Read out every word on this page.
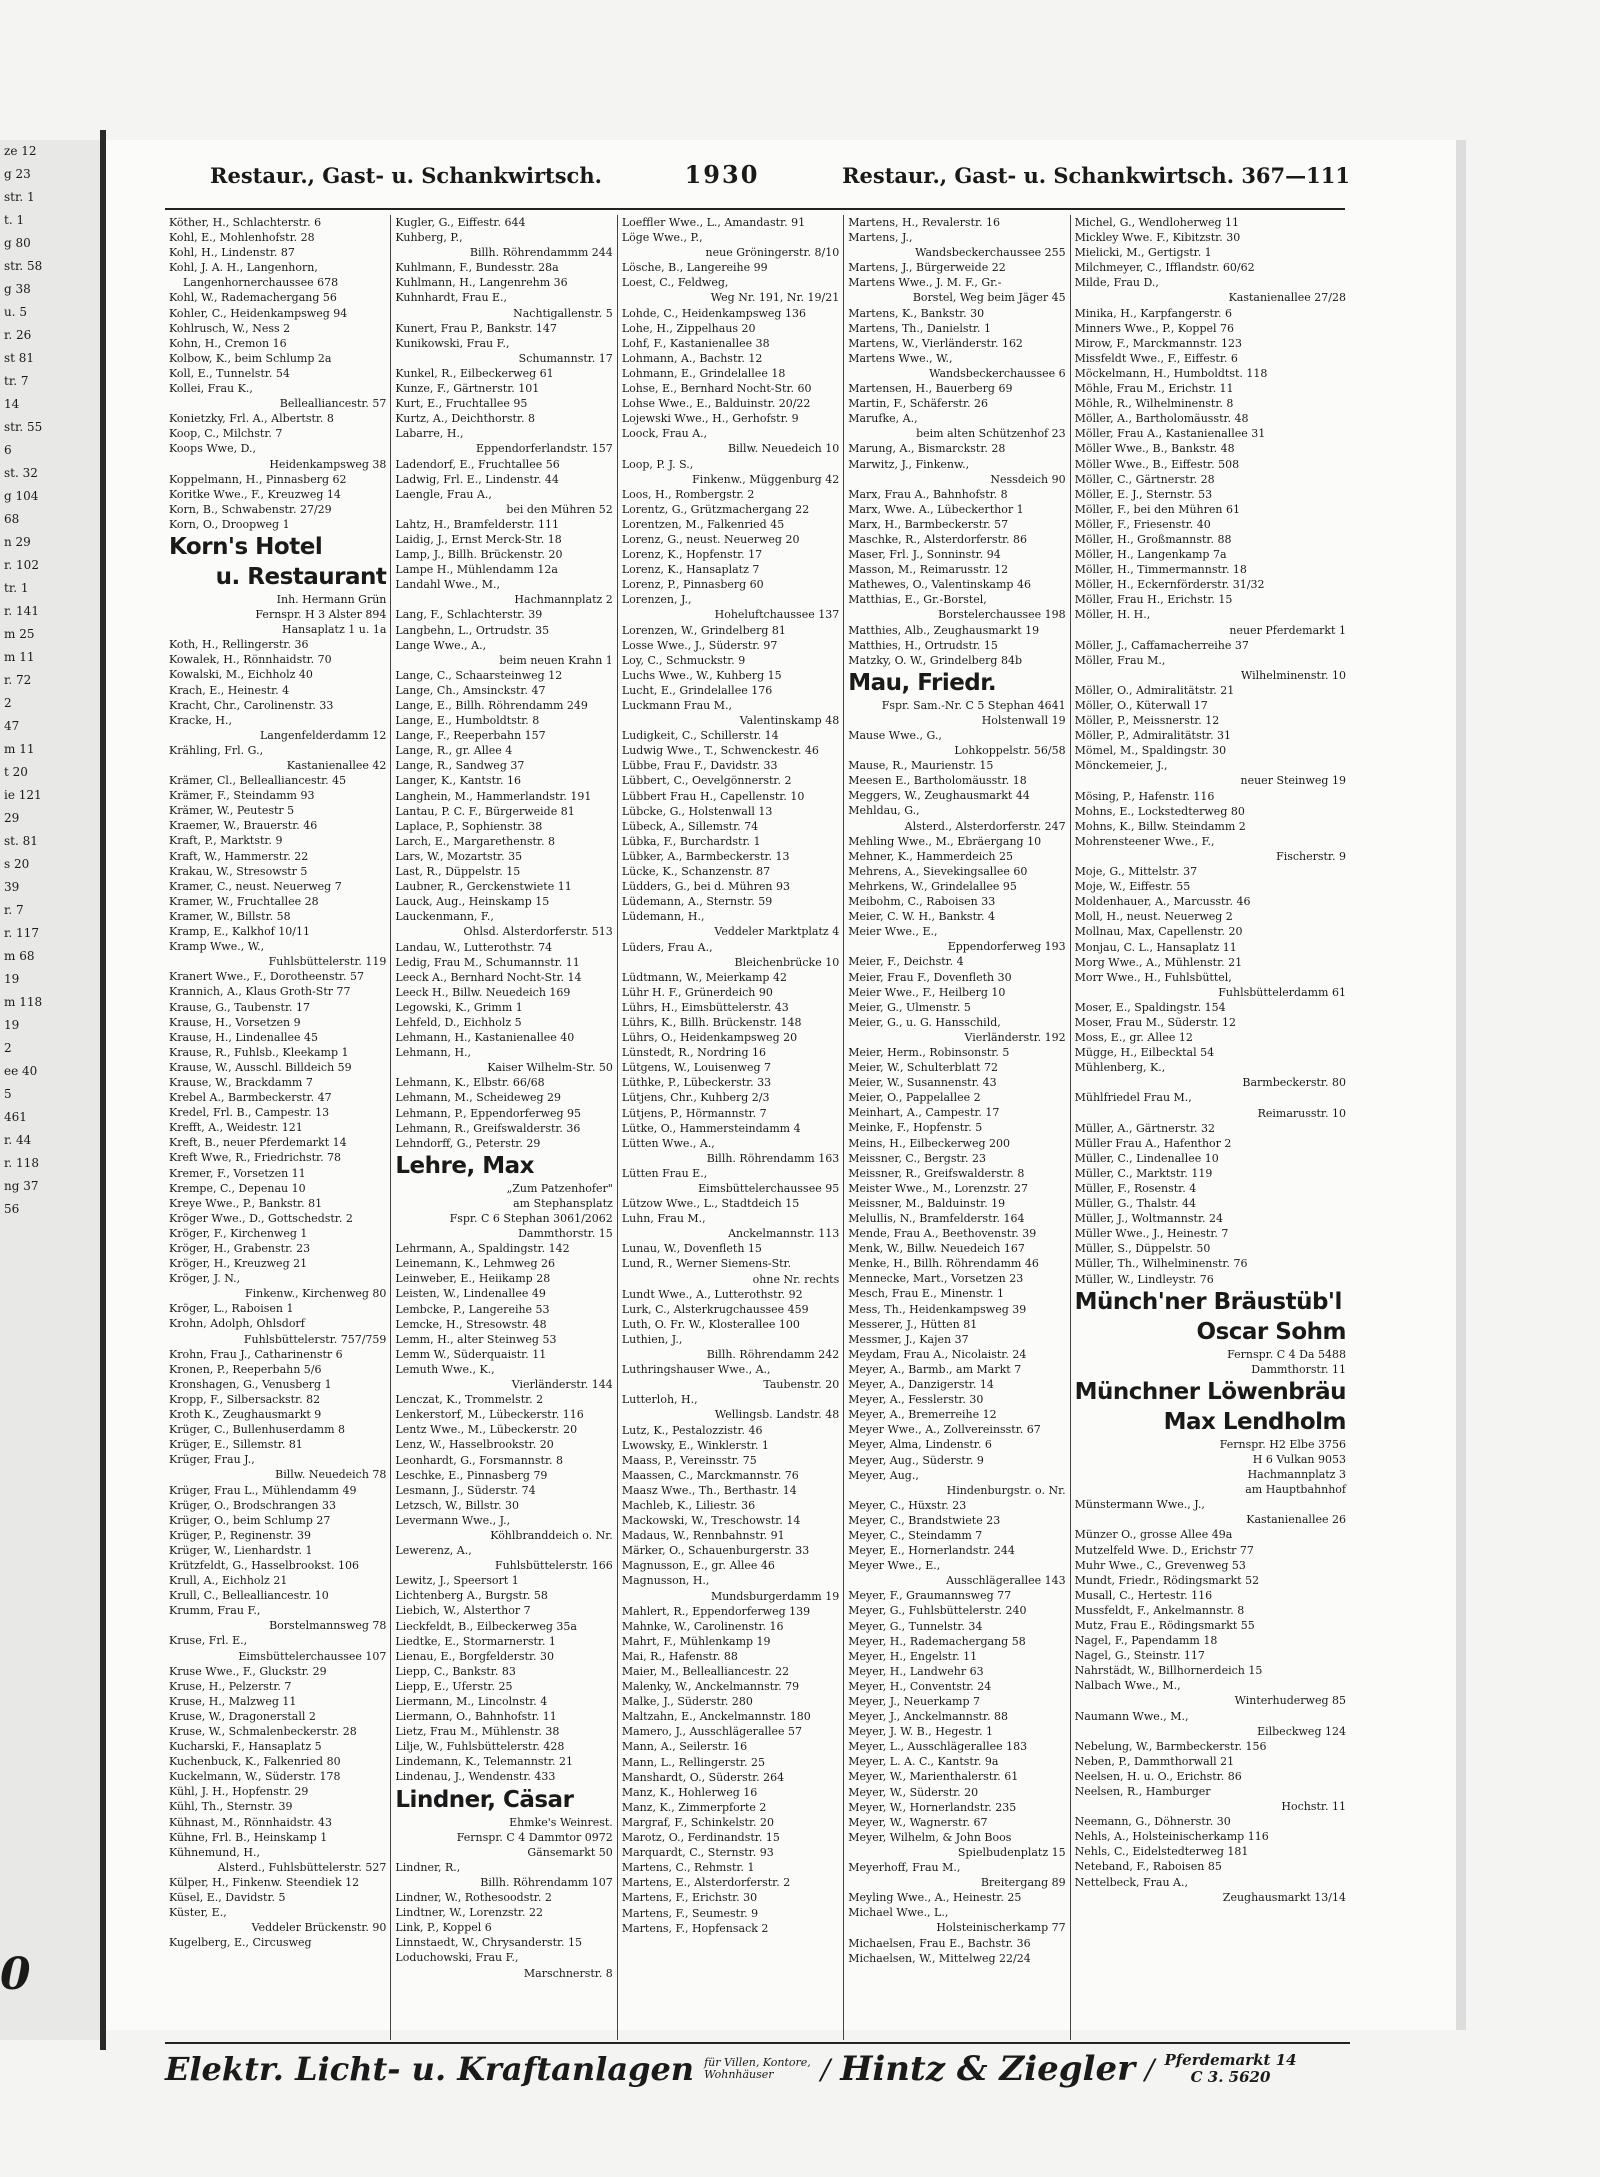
ze 12
g 23
str. 1
t. 1
g 80
str. 58
g 38
u. 5
r. 26
st 81
tr. 7
14
str. 55
6
st. 32
g 104
68
n 29
r. 102
tr. 1
r. 141
m 25
m 11
r. 72
2
47
m 11
t 20
ie 121
29
st. 81
s 20
39
r. 7
r. 117
m 68
19
m 118
19
2
ee 40
5
461
r. 44
r. 118
ng 37
56
0
Restaur., Gast- u. Schankwirtsch.	1930	Restaur., Gast- u. Schankwirtsch. 367—111
Köther, H., Schlachterstr. 6
Kohl, E., Mohlenhofstr. 28
Kohl, H., Lindenstr. 87
Kohl, J. A. H., Langenhorn,
Langenhornerchaussee 678
Kohl, W., Rademachergang 56
Kohler, C., Heidenkampsweg 94
Kohlrusch, W., Ness 2
Kohn, H., Cremon 16
Kolbow, K., beim Schlump 2a
Koll, E., Tunnelstr. 54
Kollei, Frau K.,
Bellealliancestr. 57
Konietzky, Frl. A., Albertstr. 8
Koop, C., Milchstr. 7
Koops Wwe, D.,
Heidenkampsweg 38
Koppelmann, H., Pinnasberg 62
Koritke Wwe., F., Kreuzweg 14
Korn, B., Schwabenstr. 27/29
Korn, O., Droopweg 1
Korn's Hotel
u. Restaurant
Inh. Hermann Grün
Fernspr. H 3 Alster 894
Hansaplatz 1 u. 1a
Koth, H., Rellingerstr. 36
Kowalek, H., Rönnhaidstr. 70
Kowalski, M., Eichholz 40
Krach, E., Heinestr. 4
Kracht, Chr., Carolinenstr. 33
Kracke, H.,
Langenfelderdamm 12
Krähling, Frl. G.,
Kastanienallee 42
Krämer, Cl., Bellealliancestr. 45
Krämer, F., Steindamm 93
Krämer, W., Peutestr 5
Kraemer, W., Brauerstr. 46
Kraft, P., Marktstr. 9
Kraft, W., Hammerstr. 22
Krakau, W., Stresowstr 5
Kramer, C., neust. Neuerweg 7
Kramer, W., Fruchtallee 28
Kramer, W., Billstr. 58
Kramp, E., Kalkhof 10/11
Kramp Wwe., W.,
Fuhlsbüttelerstr. 119
Kranert Wwe., F., Dorotheenstr. 57
Krannich, A., Klaus Groth-Str 77
Krause, G., Taubenstr. 17
Krause, H., Vorsetzen 9
Krause, H., Lindenallee 45
Krause, R., Fuhlsb., Kleekamp 1
Krause, W., Ausschl. Billdeich 59
Krause, W., Brackdamm 7
Krebel A., Barmbeckerstr. 47
Kredel, Frl. B., Campestr. 13
Krefft, A., Weidestr. 121
Kreft, B., neuer Pferdemarkt 14
Kreft Wwe, R., Friedrichstr. 78
Kremer, F., Vorsetzen 11
Krempe, C., Depenau 10
Kreye Wwe., P., Bankstr. 81
Kröger Wwe., D., Gottschedstr. 2
Kröger, F., Kirchenweg 1
Kröger, H., Grabenstr. 23
Kröger, H., Kreuzweg 21
Kröger, J. N.,
Finkenw., Kirchenweg 80
Kröger, L., Raboisen 1
Krohn, Adolph, Ohlsdorf
Fuhlsbüttelerstr. 757/759
Krohn, Frau J., Catharinenstr 6
Kronen, P., Reeperbahn 5/6
Kronshagen, G., Venusberg 1
Kropp, F., Silbersackstr. 82
Kroth K., Zeughausmarkt 9
Krüger, C., Bullenhuserdamm 8
Krüger, E., Sillemstr. 81
Krüger, Frau J.,
Billw. Neuedeich 78
Krüger, Frau L., Mühlendamm 49
Krüger, O., Brodschrangen 33
Krüger, O., beim Schlump 27
Krüger, P., Reginenstr. 39
Krüger, W., Lienhardstr. 1
Krützfeldt, G., Hasselbrookst. 106
Krull, A., Eichholz 21
Krull, C., Bellealliancestr. 10
Krumm, Frau F.,
Borstelmannsweg 78
Kruse, Frl. E.,
Eimsbüttelerchaussee 107
Kruse Wwe., F., Gluckstr. 29
Kruse, H., Pelzerstr. 7
Kruse, H., Malzweg 11
Kruse, W., Dragonerstall 2
Kruse, W., Schmalenbeckerstr. 28
Kucharski, F., Hansaplatz 5
Kuchenbuck, K., Falkenried 80
Kuckelmann, W., Süderstr. 178
Kühl, J. H., Hopfenstr. 29
Kühl, Th., Sternstr. 39
Kühnast, M., Rönnhaidstr. 43
Kühne, Frl. B., Heinskamp 1
Kühnemund, H.,
Alsterd., Fuhlsbüttelerstr. 527
Külper, H., Finkenw. Steendiek 12
Küsel, E., Davidstr. 5
Küster, E.,
Veddeler Brückenstr. 90
Kugelberg, E., Circusweg
Kugler, G., Eiffestr. 644
Kuhberg, P.,
Billh. Röhrendammm 244
Kuhlmann, F., Bundesstr. 28a
Kuhlmann, H., Langenrehm 36
Kuhnhardt, Frau E.,
Nachtigallenstr. 5
Kunert, Frau P., Bankstr. 147
Kunikowski, Frau F.,
Schumannstr. 17
Kunkel, R., Eilbeckerweg 61
Kunze, F., Gärtnerstr. 101
Kurt, E., Fruchtallee 95
Kurtz, A., Deichthorstr. 8
Labarre, H.,
Eppendorferlandstr. 157
Ladendorf, E., Fruchtallee 56
Ladwig, Frl. E., Lindenstr. 44
Laengle, Frau A.,
bei den Mühren 52
Lahtz, H., Bramfelderstr. 111
Laidig, J., Ernst Merck-Str. 18
Lamp, J., Billh. Brückenstr. 20
Lampe H., Mühlendamm 12a
Landahl Wwe., M.,
Hachmannplatz 2
Lang, F., Schlachterstr. 39
Langbehn, L., Ortrudstr. 35
Lange Wwe., A.,
beim neuen Krahn 1
Lange, C., Schaarsteinweg 12
Lange, Ch., Amsinckstr. 47
Lange, E., Billh. Röhrendamm 249
Lange, E., Humboldtstr. 8
Lange, F., Reeperbahn 157
Lange, R., gr. Allee 4
Lange, R., Sandweg 37
Langer, K., Kantstr. 16
Langhein, M., Hammerlandstr. 191
Lantau, P. C. F., Bürgerweide 81
Laplace, P., Sophienstr. 38
Larch, E., Margarethenstr. 8
Lars, W., Mozartstr. 35
Last, R., Düppelstr. 15
Laubner, R., Gerckenstwiete 11
Lauck, Aug., Heinskamp 15
Lauckenmann, F.,
Ohlsd. Alsterdorferstr. 513
Landau, W., Lutterothstr. 74
Ledig, Frau M., Schumannstr. 11
Leeck A., Bernhard Nocht-Str. 14
Leeck H., Billw. Neuedeich 169
Legowski, K., Grimm 1
Lehfeld, D., Eichholz 5
Lehmann, H., Kastanienallee 40
Lehmann, H.,
Kaiser Wilhelm-Str. 50
Lehmann, K., Elbstr. 66/68
Lehmann, M., Scheideweg 29
Lehmann, P., Eppendorferweg 95
Lehmann, R., Greifswalderstr. 36
Lehndorff, G., Peterstr. 29
Lehre, Max
„Zum Patzenhofer"
am Stephansplatz
Fspr. C 6 Stephan 3061/2062
Dammthorstr. 15
Lehrmann, A., Spaldingstr. 142
Leinemann, K., Lehmweg 26
Leinweber, E., Heiikamp 28
Leisten, W., Lindenallee 49
Lembcke, P., Langereihe 53
Lemcke, H., Stresowstr. 48
Lemm, H., alter Steinweg 53
Lemm W., Süderquaistr. 11
Lemuth Wwe., K.,
Vierländerstr. 144
Lenczat, K., Trommelstr. 2
Lenkerstorf, M., Lübeckerstr. 116
Lentz Wwe., M., Lübeckerstr. 20
Lenz, W., Hasselbrookstr. 20
Leonhardt, G., Forsmannstr. 8
Leschke, E., Pinnasberg 79
Lesmann, J., Süderstr. 74
Letzsch, W., Billstr. 30
Levermann Wwe., J.,
Köhlbranddeich o. Nr.
Lewerenz, A.,
Fuhlsbüttelerstr. 166
Lewitz, J., Speersort 1
Lichtenberg A., Burgstr. 58
Liebich, W., Alsterthor 7
Lieckfeldt, B., Eilbeckerweg 35a
Liedtke, E., Stormarnerstr. 1
Lienau, E., Borgfelderstr. 30
Liepp, C., Bankstr. 83
Liepp, E., Uferstr. 25
Liermann, M., Lincolnstr. 4
Liermann, O., Bahnhofstr. 11
Lietz, Frau M., Mühlenstr. 38
Lilje, W., Fuhlsbüttelerstr. 428
Lindemann, K., Telemannstr. 21
Lindenau, J., Wendenstr. 433
Lindner, Cäsar
Ehmke's Weinrest.
Fernspr. C 4 Dammtor 0972
Gänsemarkt 50
Lindner, R.,
Billh. Röhrendamm 107
Lindner, W., Rothesoodstr. 2
Lindtner, W., Lorenzstr. 22
Link, P., Koppel 6
Linnstaedt, W., Chrysanderstr. 15
Loduchowski, Frau F.,
Marschnerstr. 8
Loeffler Wwe., L., Amandastr. 91
Löge Wwe., P.,
neue Gröningerstr. 8/10
Lösche, B., Langereihe 99
Loest, C., Feldweg,
Weg Nr. 191, Nr. 19/21
Lohde, C., Heidenkampsweg 136
Lohe, H., Zippelhaus 20
Lohf, F., Kastanienallee 38
Lohmann, A., Bachstr. 12
Lohmann, E., Grindelallee 18
Lohse, E., Bernhard Nocht-Str. 60
Lohse Wwe., E., Balduinstr. 20/22
Lojewski Wwe., H., Gerhofstr. 9
Loock, Frau A.,
Billw. Neuedeich 10
Loop, P. J. S.,
Finkenw., Müggenburg 42
Loos, H., Rombergstr. 2
Lorentz, G., Grützmachergang 22
Lorentzen, M., Falkenried 45
Lorenz, G., neust. Neuerweg 20
Lorenz, K., Hopfenstr. 17
Lorenz, K., Hansaplatz 7
Lorenz, P., Pinnasberg 60
Lorenzen, J.,
Hoheluftchaussee 137
Lorenzen, W., Grindelberg 81
Losse Wwe., J., Süderstr. 97
Loy, C., Schmuckstr. 9
Luchs Wwe., W., Kuhberg 15
Lucht, E., Grindelallee 176
Luckmann Frau M.,
Valentinskamp 48
Ludigkeit, C., Schillerstr. 14
Ludwig Wwe., T., Schwenckestr. 46
Lübbe, Frau F., Davidstr. 33
Lübbert, C., Oevelgönnerstr. 2
Lübbert Frau H., Capellenstr. 10
Lübcke, G., Holstenwall 13
Lübeck, A., Sillemstr. 74
Lübka, F., Burchardstr. 1
Lübker, A., Barmbeckerstr. 13
Lücke, K., Schanzenstr. 87
Lüdders, G., bei d. Mühren 93
Lüdemann, A., Sternstr. 59
Lüdemann, H.,
Veddeler Marktplatz 4
Lüders, Frau A.,
Bleichenbrücke 10
Lüdtmann, W., Meierkamp 42
Lühr H. F., Grünerdeich 90
Lührs, H., Eimsbüttelerstr. 43
Lührs, K., Billh. Brückenstr. 148
Lührs, O., Heidenkampsweg 20
Lünstedt, R., Nordring 16
Lütgens, W., Louisenweg 7
Lüthke, P., Lübeckerstr. 33
Lütjens, Chr., Kuhberg 2/3
Lütjens, P., Hörmannstr. 7
Lütke, O., Hammersteindamm 4
Lütten Wwe., A.,
Billh. Röhrendamm 163
Lütten Frau E.,
Eimsbüttelerchaussee 95
Lützow Wwe., L., Stadtdeich 15
Luhn, Frau M.,
Anckelmannstr. 113
Lunau, W., Dovenfleth 15
Lund, R., Werner Siemens-Str.
ohne Nr. rechts
Lundt Wwe., A., Lutterothstr. 92
Lurk, C., Alsterkrugchaussee 459
Luth, O. Fr. W., Klosterallee 100
Luthien, J.,
Billh. Röhrendamm 242
Luthringshauser Wwe., A.,
Taubenstr. 20
Lutterloh, H.,
Wellingsb. Landstr. 48
Lutz, K., Pestalozzistr. 46
Lwowsky, E., Winklerstr. 1
Maass, P., Vereinsstr. 75
Maassen, C., Marckmannstr. 76
Maasz Wwe., Th., Berthastr. 14
Machleb, K., Liliestr. 36
Mackowski, W., Treschowstr. 14
Madaus, W., Rennbahnstr. 91
Märker, O., Schauenburgerstr. 33
Magnusson, E., gr. Allee 46
Magnusson, H.,
Mundsburgerdamm 19
Mahlert, R., Eppendorferweg 139
Mahnke, W., Carolinenstr. 16
Mahrt, F., Mühlenkamp 19
Mai, R., Hafenstr. 88
Maier, M., Bellealliancestr. 22
Malenky, W., Anckelmannstr. 79
Malke, J., Süderstr. 280
Maltzahn, E., Anckelmannstr. 180
Mamero, J., Ausschlägerallee 57
Mann, A., Seilerstr. 16
Mann, L., Rellingerstr. 25
Manshardt, O., Süderstr. 264
Manz, K., Hohlerweg 16
Manz, K., Zimmerpforte 2
Margraf, F., Schinkelstr. 20
Marotz, O., Ferdinandstr. 15
Marquardt, C., Sternstr. 93
Martens, C., Rehmstr. 1
Martens, E., Alsterdorferstr. 2
Martens, F., Erichstr. 30
Martens, F., Seumestr. 9
Martens, F., Hopfensack 2
Martens, H., Revalerstr. 16
Martens, J.,
Wandsbeckerchaussee 255
Martens, J., Bürgerweide 22
Martens Wwe., J. M. F., Gr.-
Borstel, Weg beim Jäger 45
Martens, K., Bankstr. 30
Martens, Th., Danielstr. 1
Martens, W., Vierländerstr. 162
Martens Wwe., W.,
Wandsbeckerchaussee 6
Martensen, H., Bauerberg 69
Martin, F., Schäferstr. 26
Marufke, A.,
beim alten Schützenhof 23
Marung, A., Bismarckstr. 28
Marwitz, J., Finkenw.,
Nessdeich 90
Marx, Frau A., Bahnhofstr. 8
Marx, Wwe. A., Lübeckerthor 1
Marx, H., Barmbeckerstr. 57
Maschke, R., Alsterdorferstr. 86
Maser, Frl. J., Sonninstr. 94
Masson, M., Reimarusstr. 12
Mathewes, O., Valentinskamp 46
Matthias, E., Gr.-Borstel,
Borstelerchaussee 198
Matthies, Alb., Zeughausmarkt 19
Matthies, H., Ortrudstr. 15
Matzky, O. W., Grindelberg 84b
Mau, Friedr.
Fspr. Sam.-Nr. C 5 Stephan 4641
Holstenwall 19
Mause Wwe., G.,
Lohkoppelstr. 56/58
Mause, R., Maurienstr. 15
Meesen E., Bartholomäusstr. 18
Meggers, W., Zeughausmarkt 44
Mehldau, G.,
Alsterd., Alsterdorferstr. 247
Mehling Wwe., M., Ebräergang 10
Mehner, K., Hammerdeich 25
Mehrens, A., Sievekingsallee 60
Mehrkens, W., Grindelallee 95
Meibohm, C., Raboisen 33
Meier, C. W. H., Bankstr. 4
Meier Wwe., E.,
Eppendorferweg 193
Meier, F., Deichstr. 4
Meier, Frau F., Dovenfleth 30
Meier Wwe., F., Heilberg 10
Meier, G., Ulmenstr. 5
Meier, G., u. G. Hansschild,
Vierländerstr. 192
Meier, Herm., Robinsonstr. 5
Meier, W., Schulterblatt 72
Meier, W., Susannenstr. 43
Meier, O., Pappelallee 2
Meinhart, A., Campestr. 17
Meinke, F., Hopfenstr. 5
Meins, H., Eilbeckerweg 200
Meissner, C., Bergstr. 23
Meissner, R., Greifswalderstr. 8
Meister Wwe., M., Lorenzstr. 27
Meissner, M., Balduinstr. 19
Melullis, N., Bramfelderstr. 164
Mende, Frau A., Beethovenstr. 39
Menk, W., Billw. Neuedeich 167
Menke, H., Billh. Röhrendamm 46
Mennecke, Mart., Vorsetzen 23
Mesch, Frau E., Minenstr. 1
Mess, Th., Heidenkampsweg 39
Messerer, J., Hütten 81
Messmer, J., Kajen 37
Meydam, Frau A., Nicolaistr. 24
Meyer, A., Barmb., am Markt 7
Meyer, A., Danzigerstr. 14
Meyer, A., Fesslerstr. 30
Meyer, A., Bremerreihe 12
Meyer Wwe., A., Zollvereinsstr. 67
Meyer, Alma, Lindenstr. 6
Meyer, Aug., Süderstr. 9
Meyer, Aug.,
Hindenburgstr. o. Nr.
Meyer, C., Hüxstr. 23
Meyer, C., Brandstwiete 23
Meyer, C., Steindamm 7
Meyer, E., Hornerlandstr. 244
Meyer Wwe., E.,
Ausschlägerallee 143
Meyer, F., Graumannsweg 77
Meyer, G., Fuhlsbüttelerstr. 240
Meyer, G., Tunnelstr. 34
Meyer, H., Rademachergang 58
Meyer, H., Engelstr. 11
Meyer, H., Landwehr 63
Meyer, H., Conventstr. 24
Meyer, J., Neuerkamp 7
Meyer, J., Anckelmannstr. 88
Meyer, J. W. B., Hegestr. 1
Meyer, L., Ausschlägerallee 183
Meyer, L. A. C., Kantstr. 9a
Meyer, W., Marienthalerstr. 61
Meyer, W., Süderstr. 20
Meyer, W., Hornerlandstr. 235
Meyer, W., Wagnerstr. 67
Meyer, Wilhelm, & John Boos
Spielbudenplatz 15
Meyerhoff, Frau M.,
Breitergang 89
Meyling Wwe., A., Heinestr. 25
Michael Wwe., L.,
Holsteinischerkamp 77
Michaelsen, Frau E., Bachstr. 36
Michaelsen, W., Mittelweg 22/24
Michel, G., Wendloherweg 11
Mickley Wwe. F., Kibitzstr. 30
Mielicki, M., Gertigstr. 1
Milchmeyer, C., Ifflandstr. 60/62
Milde, Frau D.,
Kastanienallee 27/28
Minika, H., Karpfangerstr. 6
Minners Wwe., P., Koppel 76
Mirow, F., Marckmannstr. 123
Missfeldt Wwe., F., Eiffestr. 6
Möckelmann, H., Humboldtst. 118
Möhle, Frau M., Erichstr. 11
Möhle, R., Wilhelminenstr. 8
Möller, A., Bartholomäusstr. 48
Möller, Frau A., Kastanienallee 31
Möller Wwe., B., Bankstr. 48
Möller Wwe., B., Eiffestr. 508
Möller, C., Gärtnerstr. 28
Möller, E. J., Sternstr. 53
Möller, F., bei den Mühren 61
Möller, F., Friesenstr. 40
Möller, H., Großmannstr. 88
Möller, H., Langenkamp 7a
Möller, H., Timmermannstr. 18
Möller, H., Eckernförderstr. 31/32
Möller, Frau H., Erichstr. 15
Möller, H. H.,
neuer Pferdemarkt 1
Möller, J., Caffamacherreihe 37
Möller, Frau M.,
Wilhelminenstr. 10
Möller, O., Admiralitätstr. 21
Möller, O., Küterwall 17
Möller, P., Meissnerstr. 12
Möller, P., Admiralitätstr. 31
Mömel, M., Spaldingstr. 30
Mönckemeier, J.,
neuer Steinweg 19
Mösing, P., Hafenstr. 116
Mohns, E., Lockstedterweg 80
Mohns, K., Billw. Steindamm 2
Mohrensteener Wwe., F.,
Fischerstr. 9
Moje, G., Mittelstr. 37
Moje, W., Eiffestr. 55
Moldenhauer, A., Marcusstr. 46
Moll, H., neust. Neuerweg 2
Mollnau, Max, Capellenstr. 20
Monjau, C. L., Hansaplatz 11
Morg Wwe., A., Mühlenstr. 21
Morr Wwe., H., Fuhlsbüttel,
Fuhlsbüttelerdamm 61
Moser, E., Spaldingstr. 154
Moser, Frau M., Süderstr. 12
Moss, E., gr. Allee 12
Mügge, H., Eilbecktal 54
Mühlenberg, K.,
Barmbeckerstr. 80
Mühlfriedel Frau M.,
Reimarusstr. 10
Müller, A., Gärtnerstr. 32
Müller Frau A., Hafenthor 2
Müller, C., Lindenallee 10
Müller, C., Marktstr. 119
Müller, F., Rosenstr. 4
Müller, G., Thalstr. 44
Müller, J., Woltmannstr. 24
Müller Wwe., J., Heinestr. 7
Müller, S., Düppelstr. 50
Müller, Th., Wilhelminenstr. 76
Müller, W., Lindleystr. 76
Münch'ner Bräustüb'l
Oscar Sohm
Fernspr. C 4 Da 5488
Dammthorstr. 11
Münchner Löwenbräu
Max Lendholm
Fernspr. H2 Elbe 3756
H 6 Vulkan 9053
Hachmannplatz 3
am Hauptbahnhof
Münstermann Wwe., J.,
Kastanienallee 26
Münzer O., grosse Allee 49a
Mutzelfeld Wwe. D., Erichstr 77
Muhr Wwe., C., Grevenweg 53
Mundt, Friedr., Rödingsmarkt 52
Musall, C., Hertestr. 116
Mussfeldt, F., Ankelmannstr. 8
Mutz, Frau E., Rödingsmarkt 55
Nagel, F., Papendamm 18
Nagel, G., Steinstr. 117
Nahrstädt, W., Billhornerdeich 15
Nalbach Wwe., M.,
Winterhuderweg 85
Naumann Wwe., M.,
Eilbeckweg 124
Nebelung, W., Barmbeckerstr. 156
Neben, P., Dammthorwall 21
Neelsen, H. u. O., Erichstr. 86
Neelsen, R., Hamburger
Hochstr. 11
Neemann, G., Döhnerstr. 30
Nehls, A., Holsteinischerkamp 116
Nehls, C., Eidelstedterweg 181
Neteband, F., Raboisen 85
Nettelbeck, Frau A.,
Zeughausmarkt 13/14
Elektr. Licht- u. Kraftanlagen für Villen, Kontore,
Wohnhäuser	/ Hintz & Ziegler / Pferdemarkt 14
C 3. 5620
